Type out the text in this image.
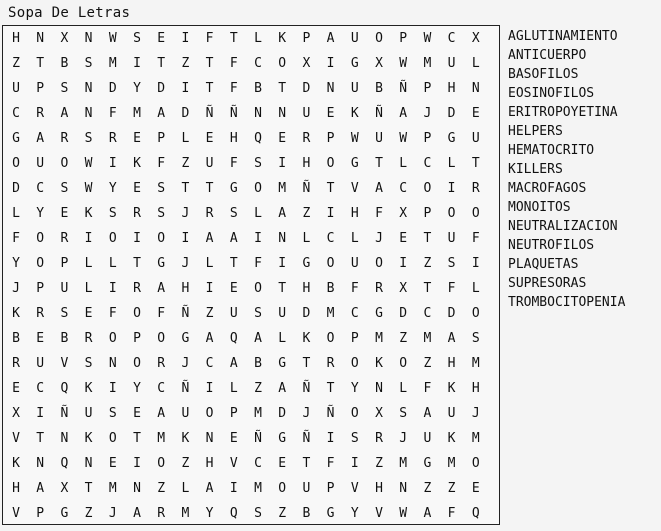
Sopa De Letras
H	N	X	N	W	S	E	I	F	T	L	K	P	A	U	O	P	W	C	X
Z	T	B	S	M	I	T	Z	T	F	C	O	X	I	G	X	W	M	U	L
U	P	S	N	D	Y	D	I	T	F	B	T	D	N	U	B	Ñ	P	H	N
C	R	A	N	F	M	A	D	Ñ	Ñ	N	N	U	E	K	Ñ	A	J	D	E
G	A	R	S	R	E	P	L	E	H	Q	E	R	P	W	U	W	P	G	U
O	U	O	W	I	K	F	Z	U	F	S	I	H	O	G	T	L	C	L	T
D	C	S	W	Y	E	S	T	T	G	O	M	Ñ	T	V	A	C	O	I	R
L	Y	E	K	S	R	S	J	R	S	L	A	Z	I	H	F	X	P	O	O
F	O	R	I	O	I	O	I	A	A	I	N	L	C	L	J	E	T	U	F
Y	O	P	L	L	T	G	J	L	T	F	I	G	O	U	O	I	Z	S	I
J	P	U	L	I	R	A	H	I	E	O	T	H	B	F	R	X	T	F	L
K	R	S	E	F	O	F	Ñ	Z	U	S	U	D	M	C	G	D	C	D	O
B	E	B	R	O	P	O	G	A	Q	A	L	K	O	P	M	Z	M	A	S
R	U	V	S	N	O	R	J	C	A	B	G	T	R	O	K	O	Z	H	M
E	C	Q	K	I	Y	C	Ñ	I	L	Z	A	Ñ	T	Y	N	L	F	K	H
X	I	Ñ	U	S	E	A	U	O	P	M	D	J	Ñ	O	X	S	A	U	J
V	T	N	K	O	T	M	K	N	E	Ñ	G	Ñ	I	S	R	J	U	K	M
K	N	Q	N	E	I	O	Z	H	V	C	E	T	F	I	Z	M	G	M	O
H	A	X	T	M	N	Z	L	A	I	M	O	U	P	V	H	N	Z	Z	E
V	P	G	Z	J	A	R	M	Y	Q	S	Z	B	G	Y	V	W	A	F	Q
AGLUTINAMIENTO
ANTICUERPO
BASOFILOS
EOSINOFILOS
ERITROPOYETINA
HELPERS
HEMATOCRITO
KILLERS
MACROFAGOS
MONOITOS
NEUTRALIZACION
NEUTROFILOS
PLAQUETAS
SUPRESORAS
TROMBOCITOPENIA
